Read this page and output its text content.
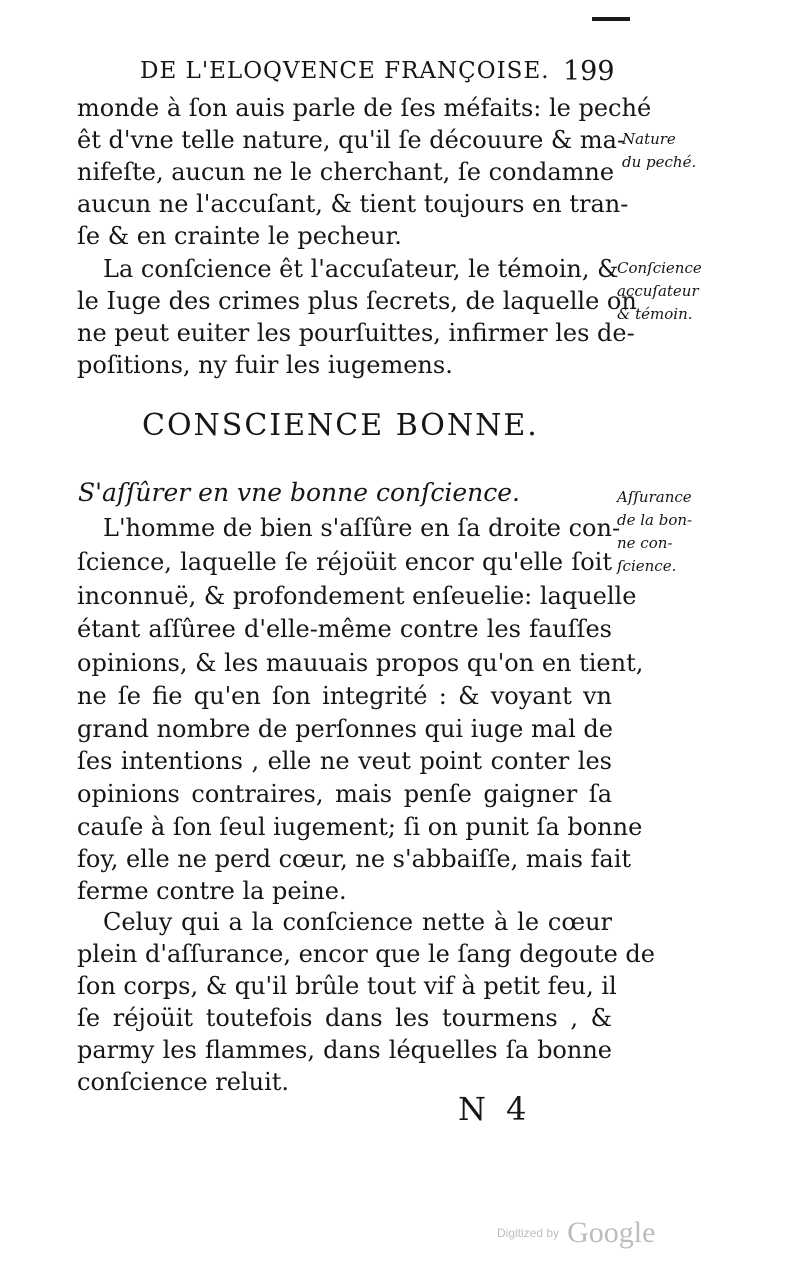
DE L'ELOQVENCE FRANÇOISE. 199
monde à ſon auis parle de ſes méfaits: le peché
êt d'vne telle nature, qu'il ſe découure & ma-
nifeſte, aucun ne le cherchant, ſe condamne
aucun ne l'accuſant, & tient toujours en tran-
ſe & en crainte le pecheur.
La conſcience êt l'accuſateur, le témoin, &
le Iuge des crimes plus ſecrets, de laquelle on
ne peut euiter les pourſuittes, infirmer les de-
poſitions, ny fuir les iugemens.
CONSCIENCE BONNE.
S'aſſûrer en vne bonne conſcience.
L'homme de bien s'aſſûre en ſa droite con-
ſcience, laquelle ſe réjoüit encor qu'elle ſoit
inconnuë, & profondement enſeuelie: laquelle
étant aſſûree d'elle-même contre les fauſſes
opinions, & les mauuais propos qu'on en tient,
ne ſe fie qu'en ſon integrité : & voyant vn
grand nombre de perſonnes qui iuge mal de
ſes intentions , elle ne veut point conter les
opinions contraires, mais penſe gaigner ſa
cauſe à ſon ſeul iugement; ſi on punit ſa bonne
foy, elle ne perd cœur, ne s'abbaiſſe, mais fait
ferme contre la peine.
Celuy qui a la conſcience nette à le cœur
plein d'aſſurance, encor que le ſang degoute de
ſon corps, & qu'il brûle tout vif à petit feu, il
ſe réjoüit toutefois dans les tourmens , &
parmy les flammes, dans léquelles ſa bonne
conſcience reluit.
Nature
du peché.
Conſcience
accuſateur
& témoin.
Aſſurance
de la bon-
ne con-
ſcience.
N 4
Digitized by Google
